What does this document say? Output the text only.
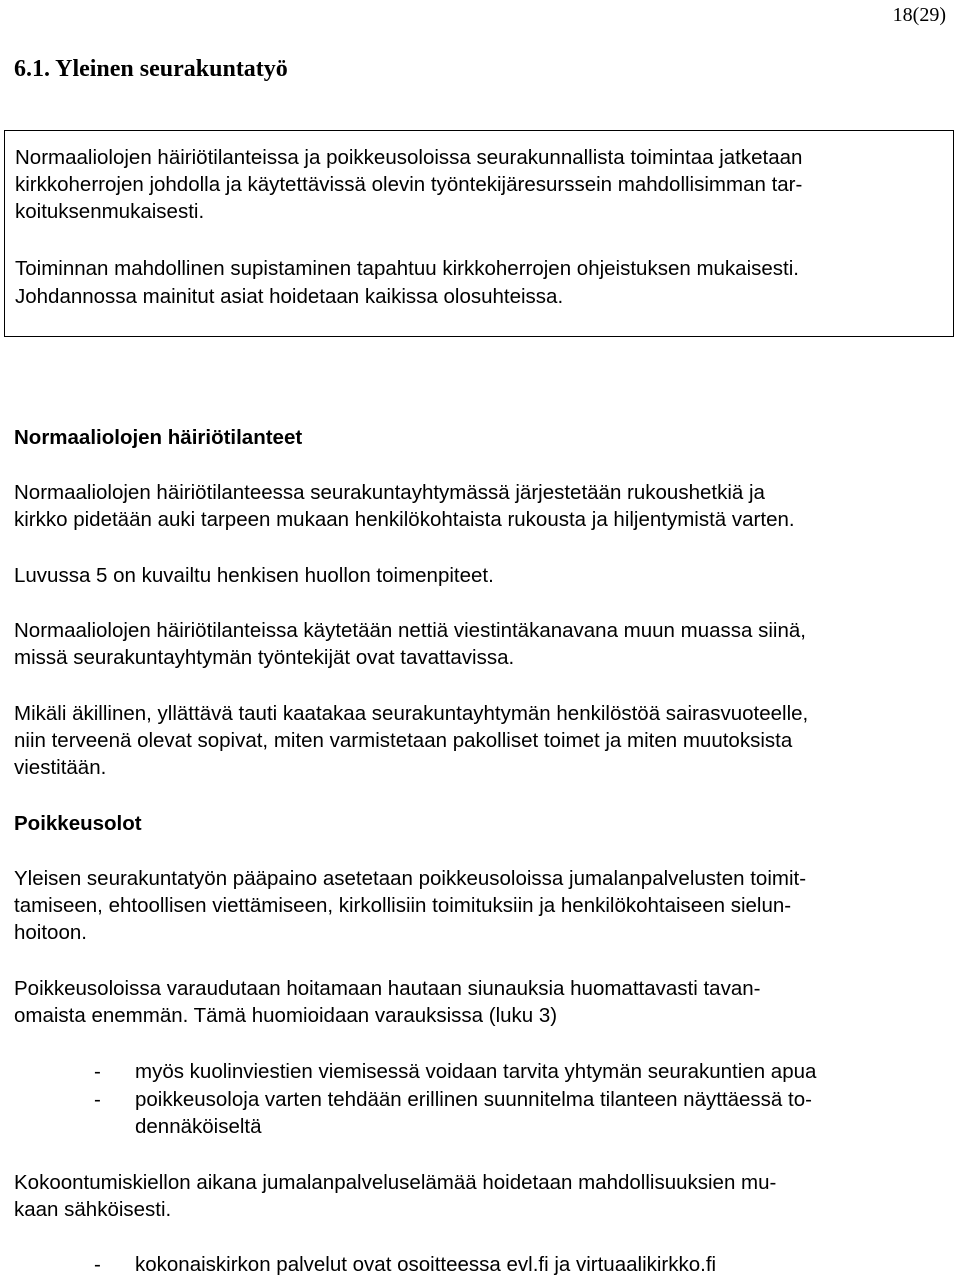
18(29)
6.1. Yleinen seurakuntatyö

Normaaliolojen häiriötilanteissa ja poikkeusoloissa seurakunnallista toimintaa jatketaan
kirkkoherrojen johdolla ja käytettävissä olevin työntekijäresurssein mahdollisimman tar-
koituksenmukaisesti.

Toiminnan mahdollinen supistaminen tapahtuu kirkkoherrojen ohjeistuksen mukaisesti.

Johdannossa mainitut asiat hoidetaan kaikissa olosuhteissa.

Normaaliolojen häiriötilanteet

Normaaliolojen häiriötilanteessa seurakuntayhtymässä järjestetään rukoushetkiä ja
kirkko pidetään auki tarpeen mukaan henkilökohtaista rukousta ja hiljentymistä varten.

Luvussa 5 on kuvailtu henkisen huollon toimenpiteet.

Normaaliolojen häiriötilanteissa käytetään nettiä viestintäkanavana muun muassa siinä,
missä seurakuntayhtymän työntekijät ovat tavattavissa.

Mikäli äkillinen, yllättävä tauti kaatakaa seurakuntayhtymän henkilöstöä sairasvuoteelle,
niin terveenä olevat sopivat, miten varmistetaan pakolliset toimet ja miten muutoksista
viestitään.

Poikkeusolot

Yleisen seurakuntatyön pääpaino asetetaan poikkeusoloissa jumalanpalvelusten toimit-
tamiseen, ehtoollisen viettämiseen, kirkollisiin toimituksiin ja henkilökohtaiseen sielun-
hoitoon.

Poikkeusoloissa varaudutaan hoitamaan hautaan siunauksia huomattavasti tavan-
omaista enemmän. Tämä huomioidaan varauksissa (luku 3)

- myös kuolinviestien viemisessä voidaan tarvita yhtymän seurakuntien apua
- poikkeusoloja varten tehdään erillinen suunnitelma tilanteen näyttäessä to-
dennäköiseltä

Kokoontumiskiellon aikana jumalanpalveluselämää hoidetaan mahdollisuuksien mu-
kaan sähköisesti.

- kokonaiskirkon palvelut ovat osoitteessa evl.fi ja virtuaalikirkko.fi
